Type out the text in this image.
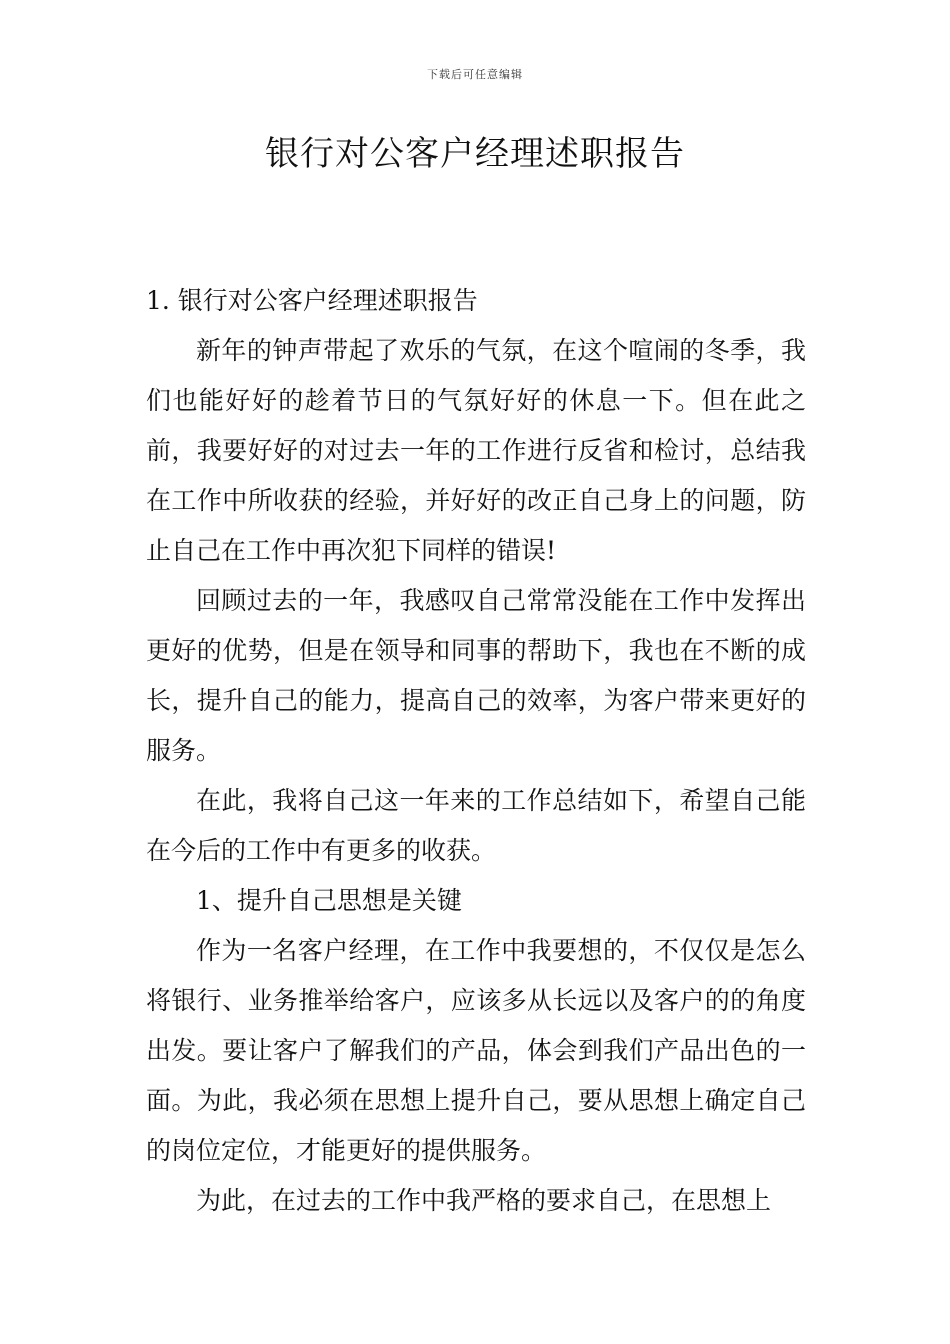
下载后可任意编辑
银行对公客户经理述职报告

1. 银行对公客户经理述职报告

新年的钟声带起了欢乐的气氛，在这个喧闹的冬季，我们也能好好的趁着节日的气氛好好的休息一下。但在此之前，我要好好的对过去一年的工作进行反省和检讨，总结我在工作中所收获的经验，并好好的改正自己身上的问题，防止自己在工作中再次犯下同样的错误!

回顾过去的一年，我感叹自己常常没能在工作中发挥出更好的优势，但是在领导和同事的帮助下，我也在不断的成长，提升自己的能力，提高自己的效率，为客户带来更好的服务。

在此，我将自己这一年来的工作总结如下，希望自己能在今后的工作中有更多的收获。

1、提升自己思想是关键

作为一名客户经理，在工作中我要想的，不仅仅是怎么将银行、业务推举给客户，应该多从长远以及客户的的角度出发。要让客户了解我们的产品，体会到我们产品出色的一面。为此，我必须在思想上提升自己，要从思想上确定自己的岗位定位，才能更好的提供服务。

为此，在过去的工作中我严格的要求自己，在思想上
